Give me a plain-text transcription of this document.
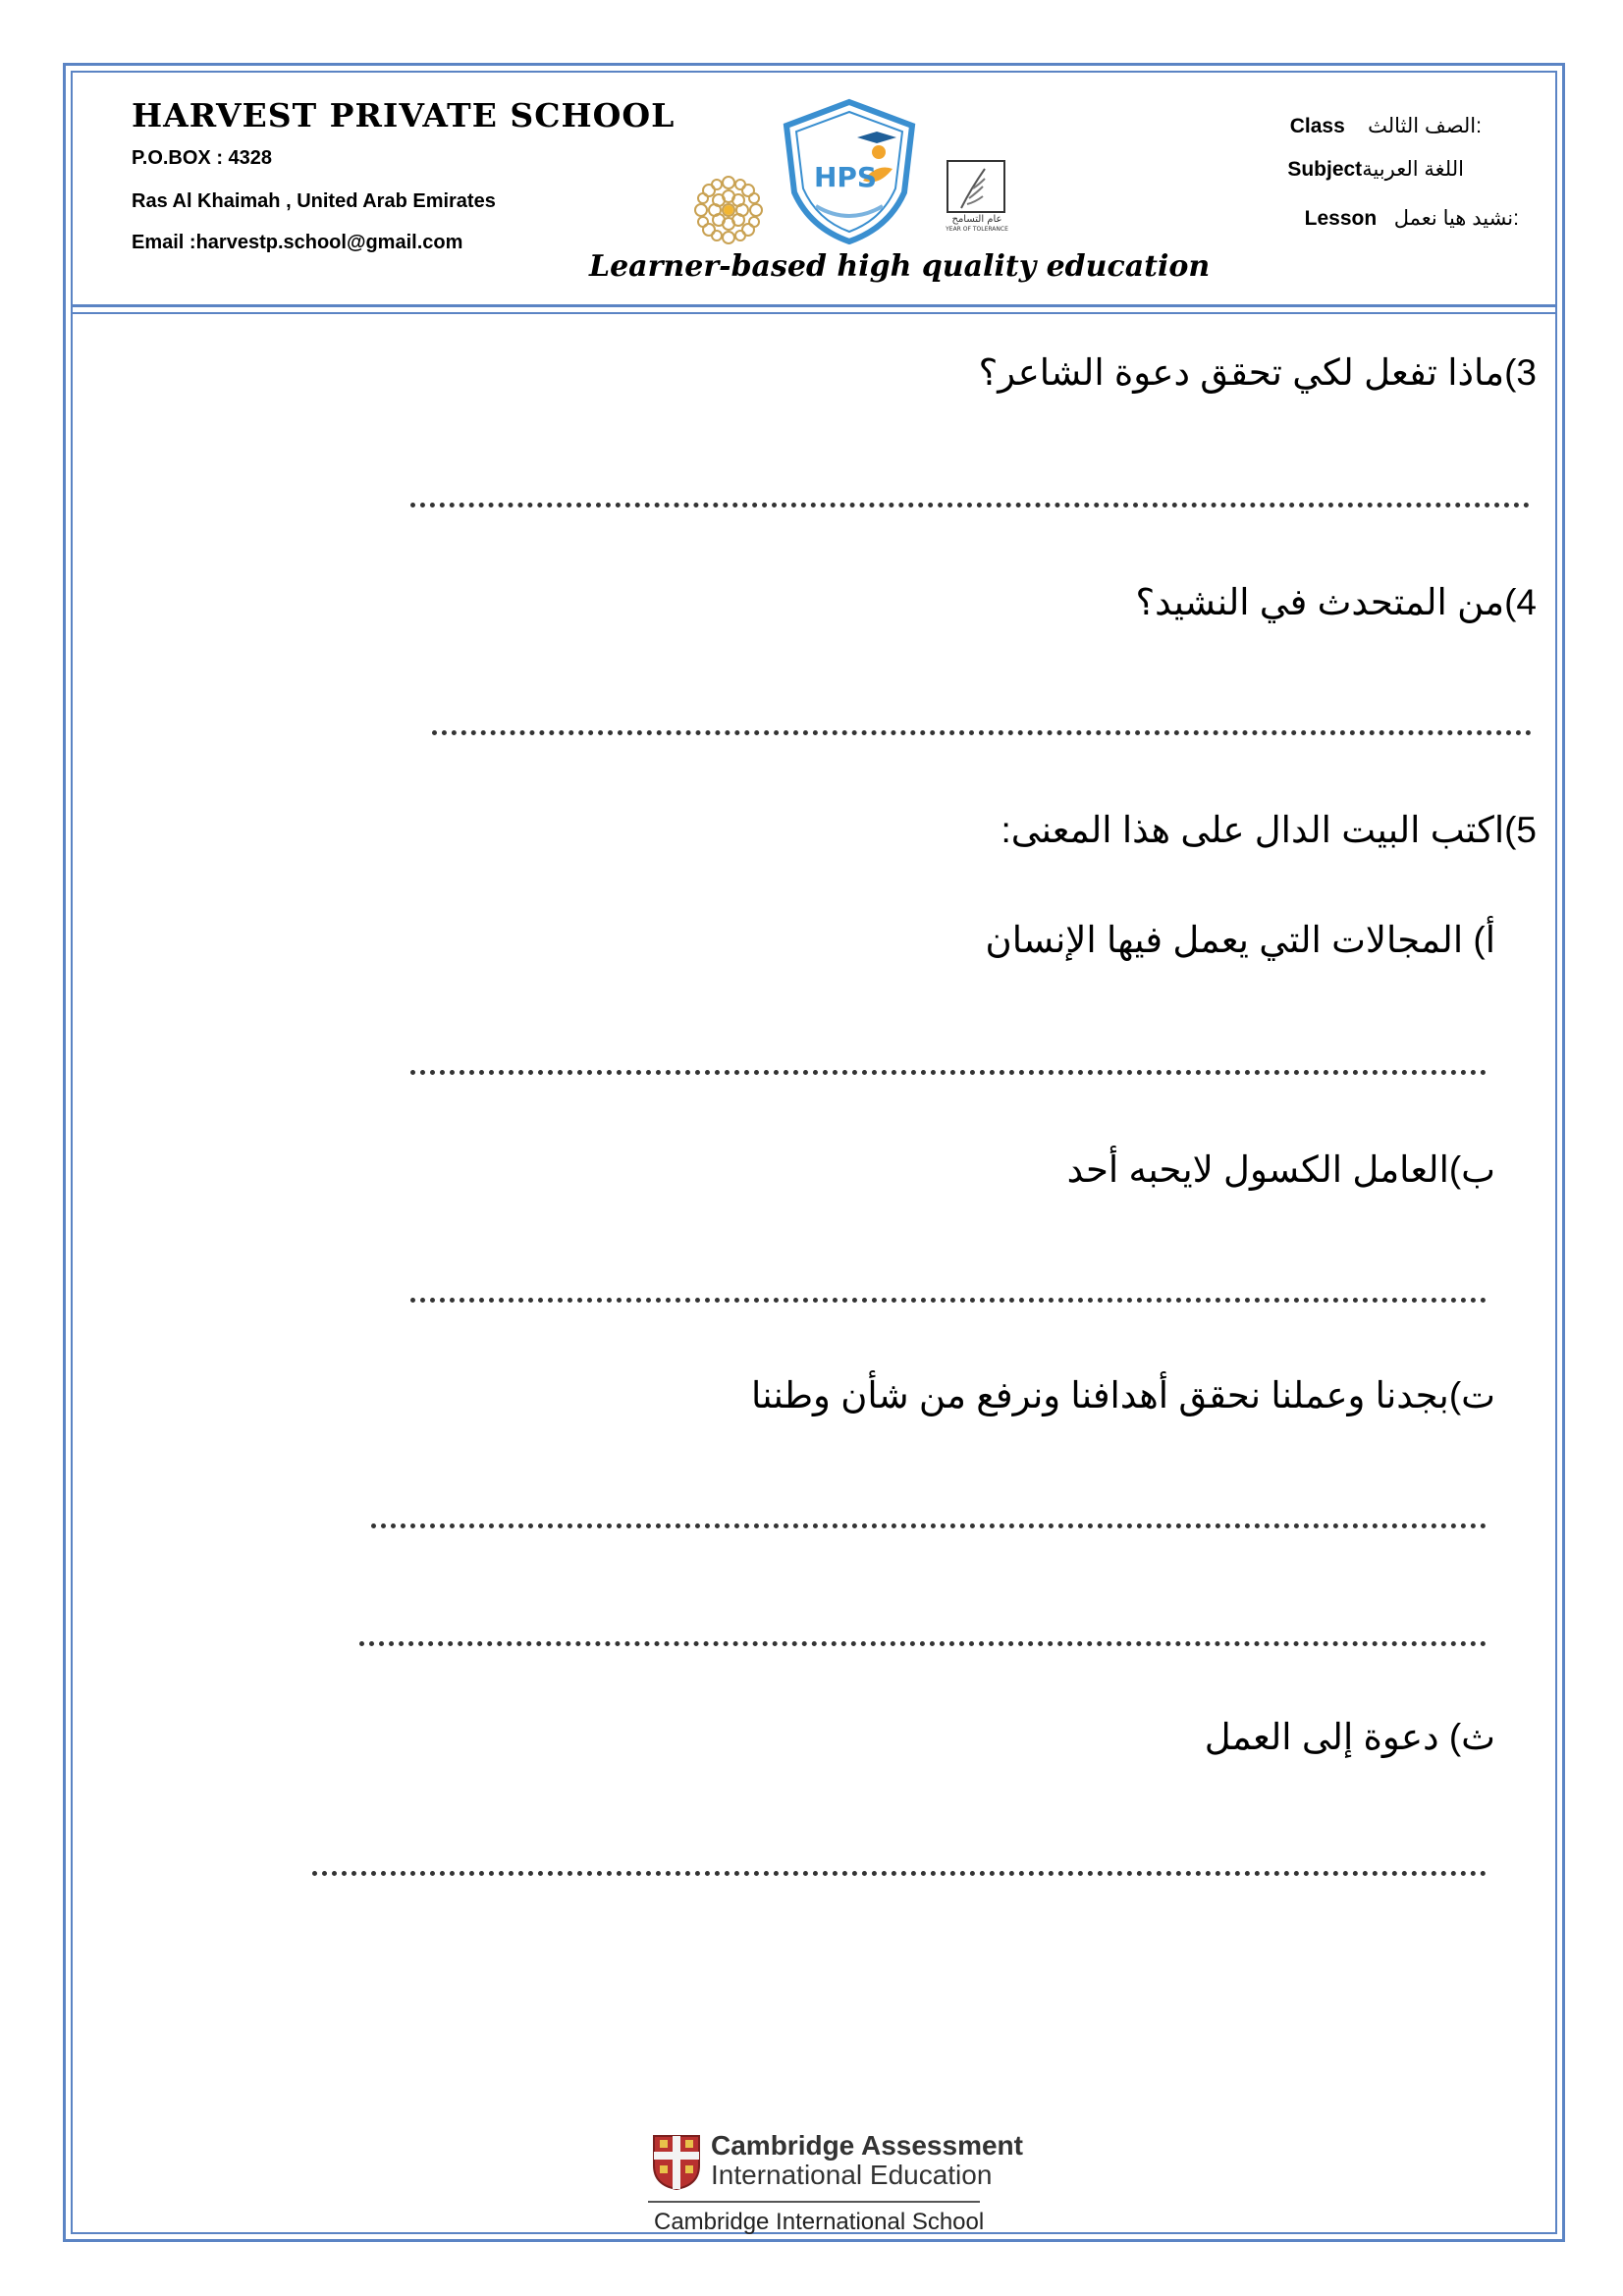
HARVEST PRIVATE SCHOOL
P.O.BOX : 4328
Ras Al Khaimah , United Arab Emirates
Email :harvestp.school@gmail.com
HPS
عام التسامح
YEAR OF TOLERANCE
Learner-based high quality education
Class الصف الثالث:
Subjectاللغة العربية
Lesson نشيد هيا نعمل:
3)ماذا تفعل لكي تحقق دعوة الشاعر؟
4)من المتحدث في النشيد؟
5)اكتب البيت الدال على هذا المعنى:
أ) المجالات التي يعمل فيها الإنسان
ب)العامل الكسول لايحبه أحد
ت)بجدنا وعملنا نحقق أهدافنا ونرفع من شأن وطننا
ث) دعوة إلى العمل
Cambridge Assessment
International Education
Cambridge International School
